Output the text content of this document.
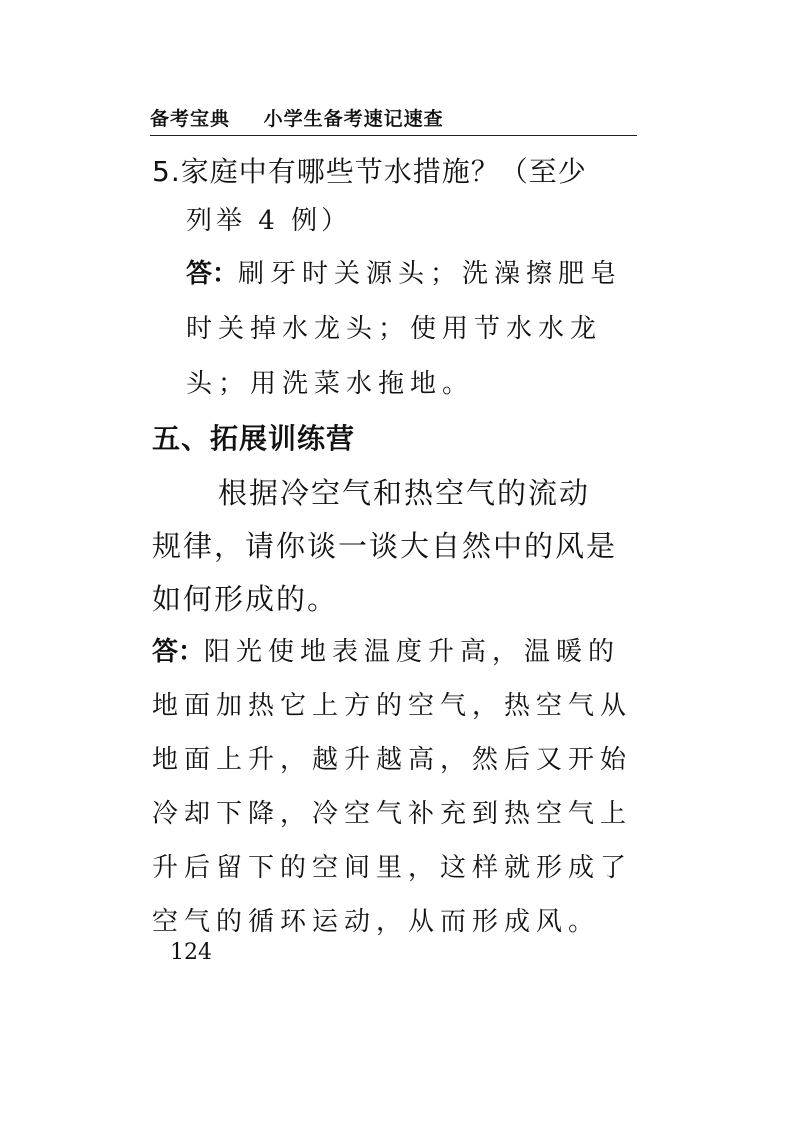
备考宝典 小学生备考速记速查
5.家庭中有哪些节水措施？（至少
列举 4 例）
答：刷牙时关源头；洗澡擦肥皂
时关掉水龙头；使用节水水龙
头；用洗菜水拖地。
五、拓展训练营
根据冷空气和热空气的流动
规律，请你谈一谈大自然中的风是
如何形成的。
答：阳光使地表温度升高，温暖的
地面加热它上方的空气，热空气从
地面上升，越升越高，然后又开始
冷却下降，冷空气补充到热空气上
升后留下的空间里，这样就形成了
空气的循环运动，从而形成风。
124
